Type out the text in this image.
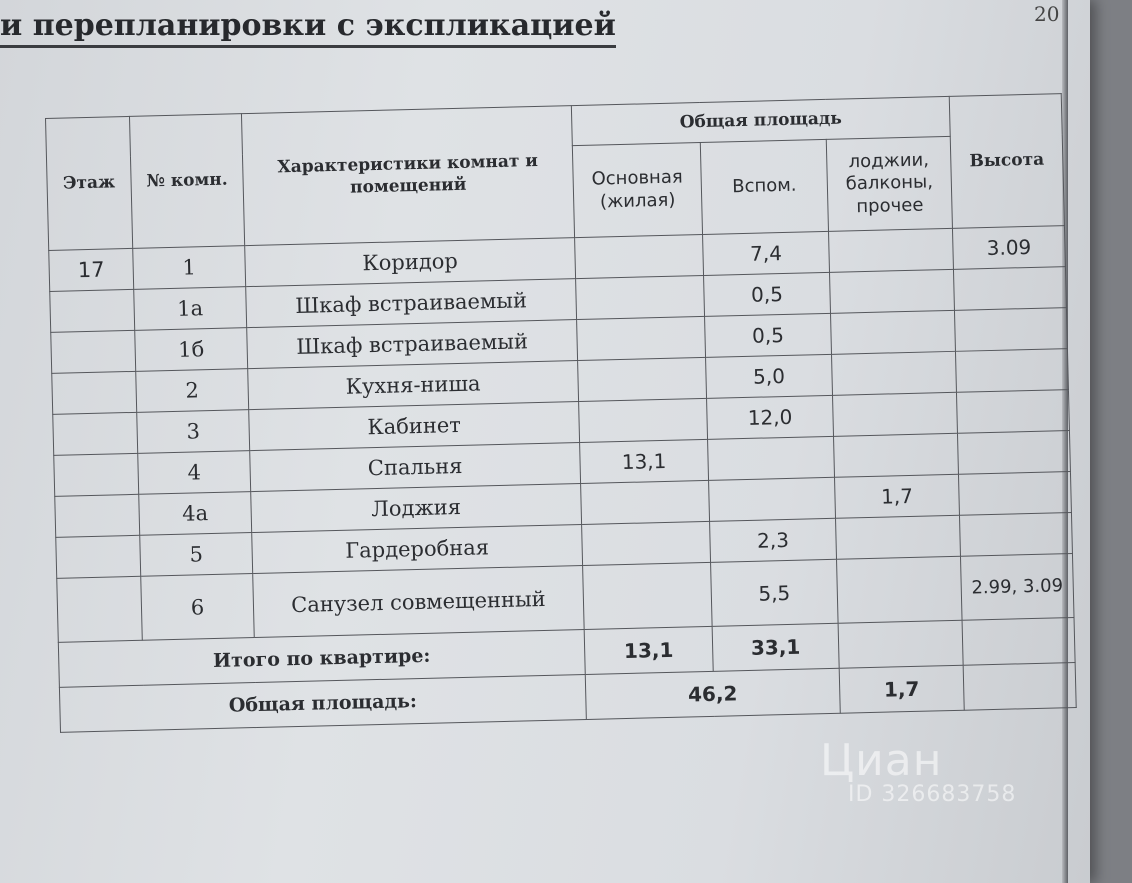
и перепланировки с экспликацией	20
Этаж	№ комн.	Характеристики комнат и помещений	Общая площадь			Высота
			Основная (жилая)	Вспом.	лоджии, балконы, прочее	
17	1	Коридор		7,4		3.09
	1а	Шкаф встраиваемый		0,5		
	1б	Шкаф встраиваемый		0,5		
	2	Кухня-ниша		5,0		
	3	Кабинет		12,0		
	4	Спальня	13,1			
	4а	Лоджия			1,7	
	5	Гардеробная		2,3		
	6	Санузел совмещенный		5,5		2.99, 3.09
Итого по квартире:			13,1	33,1		
Общая площадь:			46,2		1,7	
Циан
ID 326683758
